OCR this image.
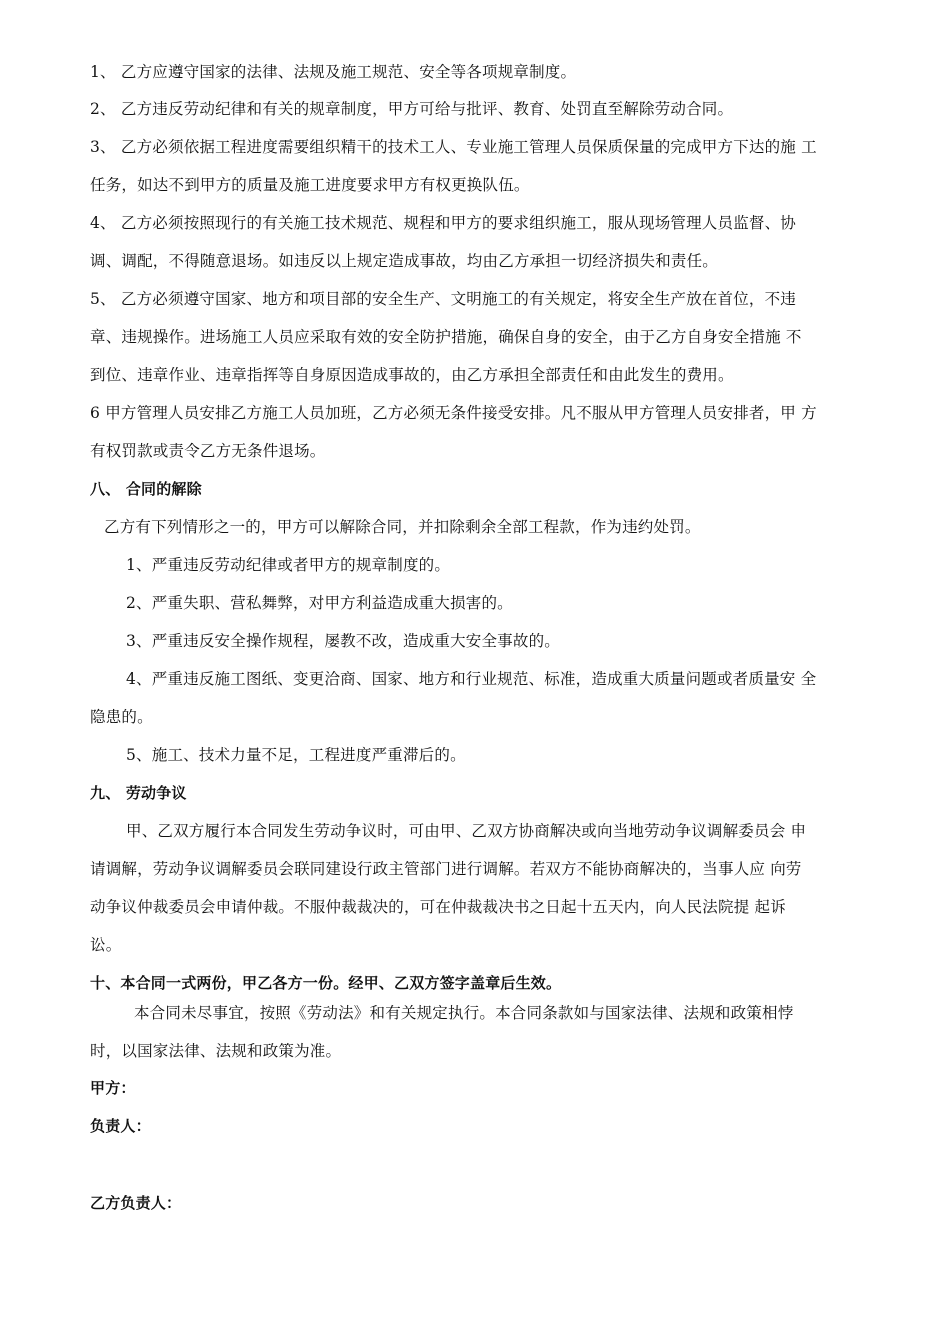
1、 乙方应遵守国家的法律、法规及施工规范、安全等各项规章制度。
2、 乙方违反劳动纪律和有关的规章制度，甲方可给与批评、教育、处罚直至解除劳动合同。
3、 乙方必须依据工程进度需要组织精干的技术工人、专业施工管理人员保质保量的完成甲方下达的施 工
任务，如达不到甲方的质量及施工进度要求甲方有权更换队伍。
4、 乙方必须按照现行的有关施工技术规范、规程和甲方的要求组织施工，服从现场管理人员监督、协
调、调配，不得随意退场。如违反以上规定造成事故，均由乙方承担一切经济损失和责任。
5、 乙方必须遵守国家、地方和项目部的安全生产、文明施工的有关规定，将安全生产放在首位，不违
章、违规操作。进场施工人员应采取有效的安全防护措施，确保自身的安全，由于乙方自身安全措施 不
到位、违章作业、违章指挥等自身原因造成事故的，由乙方承担全部责任和由此发生的费用。
6 甲方管理人员安排乙方施工人员加班，乙方必须无条件接受安排。凡不服从甲方管理人员安排者，甲 方
有权罚款或责令乙方无条件退场。
八、 合同的解除
乙方有下列情形之一的，甲方可以解除合同，并扣除剩余全部工程款，作为违约处罚。
1、严重违反劳动纪律或者甲方的规章制度的。
2、严重失职、营私舞弊，对甲方利益造成重大损害的。
3、严重违反安全操作规程，屡教不改，造成重大安全事故的。
4、严重违反施工图纸、变更洽商、国家、地方和行业规范、标准，造成重大质量问题或者质量安 全
隐患的。
5、施工、技术力量不足，工程进度严重滞后的。
九、 劳动争议
甲、乙双方履行本合同发生劳动争议时，可由甲、乙双方协商解决或向当地劳动争议调解委员会 申
请调解，劳动争议调解委员会联同建设行政主管部门进行调解。若双方不能协商解决的，当事人应 向劳
动争议仲裁委员会申请仲裁。不服仲裁裁决的，可在仲裁裁决书之日起十五天内，向人民法院提 起诉
讼。
十、本合同一式两份，甲乙各方一份。经甲、乙双方签字盖章后生效。
本合同未尽事宜，按照《劳动法》和有关规定执行。本合同条款如与国家法律、法规和政策相悖
时，以国家法律、法规和政策为准。
甲方：
负责人：
乙方负责人：
